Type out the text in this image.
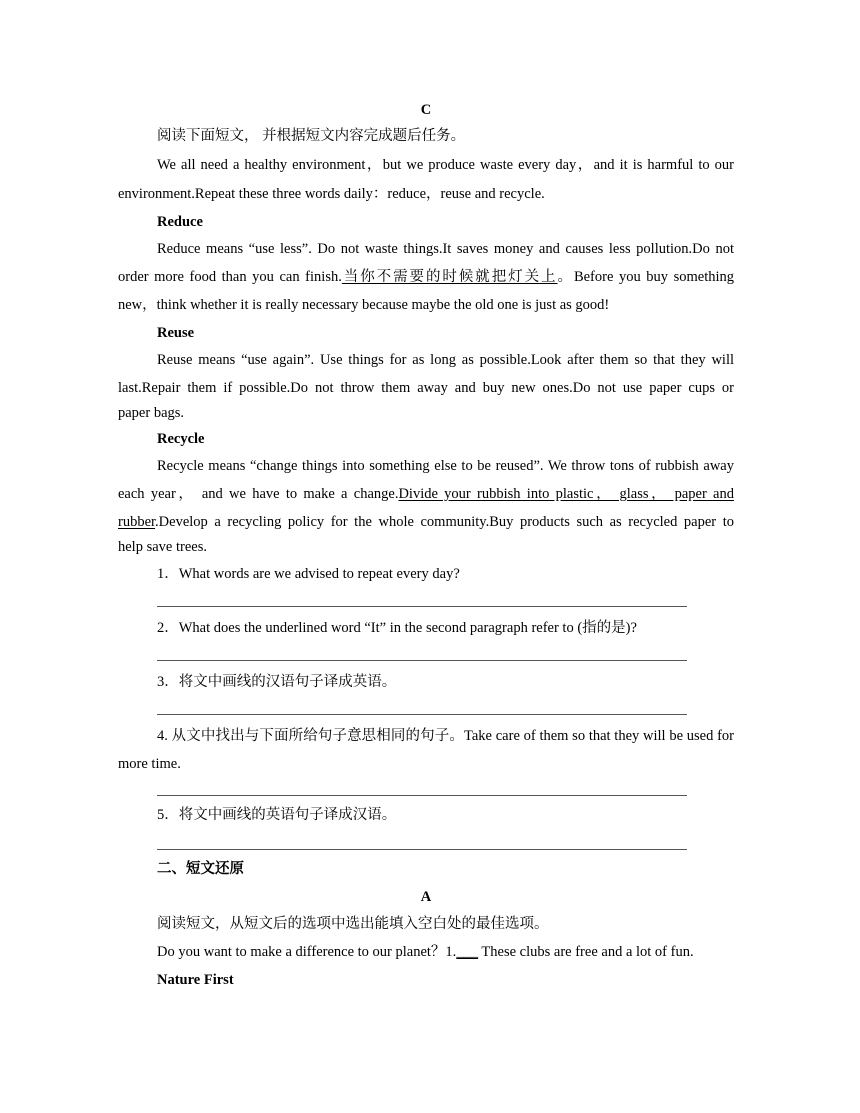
C
阅读下面短文， 并根据短文内容完成题后任务。
We all need a healthy environment，but we produce waste every day，and it is harmful to our
environment.Repeat these three words daily：reduce，reuse and recycle.
Reduce
Reduce means “use less”. Do not waste things.It saves money and causes less pollution.Do not
order more food than you can finish.当你不需要的时候就把灯关上。Before you buy something
new，think whether it is really necessary because maybe the old one is just as good!
Reuse
Reuse means “use again”. Use things for as long as possible.Look after them so that they will
last.Repair them if possible.Do not throw them away and buy new ones.Do not use paper cups or
paper bags.
Recycle
Recycle means “change things into something else to be reused”. We throw tons of rubbish away
each year， and we have to make a change.Divide your rubbish into plastic， glass， paper and
rubber.Develop a recycling policy for the whole community.Buy products such as recycled paper to
help save trees.
1．What words are we advised to repeat every day?
2．What does the underlined word “It” in the second paragraph refer to (指的是)?
3．将文中画线的汉语句子译成英语。
4. 从文中找出与下面所给句子意思相同的句子。Take care of them so that they will be used for
more time.
5．将文中画线的英语句子译成汉语。
二、短文还原
A
阅读短文，从短文后的选项中选出能填入空白处的最佳选项。
Do you want to make a difference to our planet？1.___ These clubs are free and a lot of fun.
Nature First
